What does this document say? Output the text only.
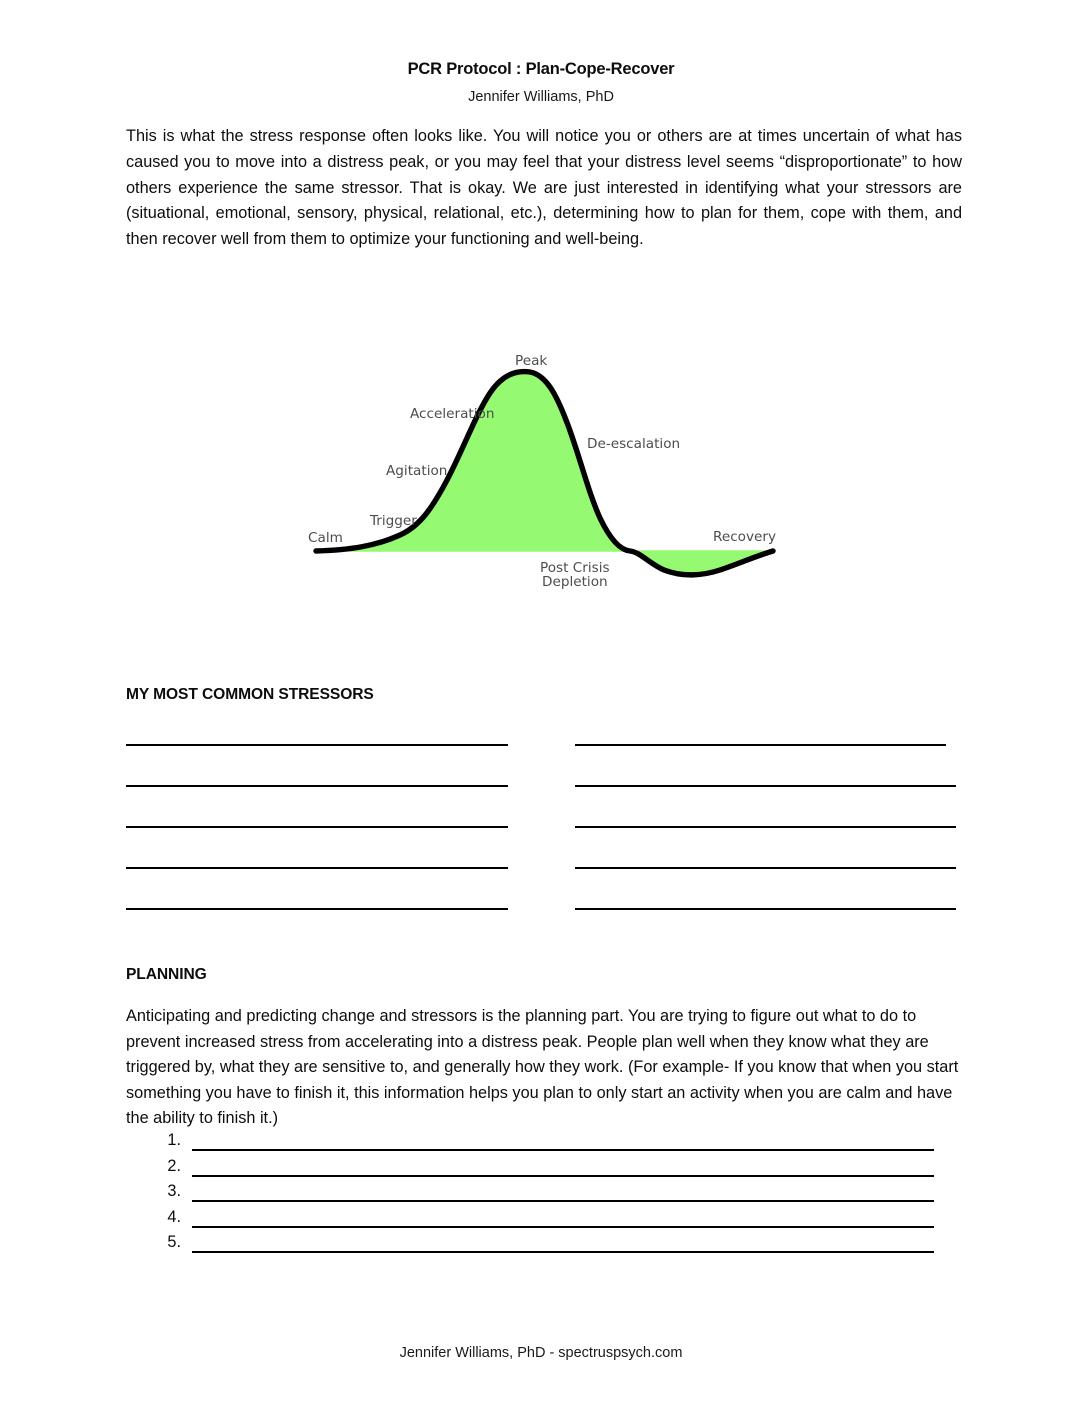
PCR Protocol : Plan-Cope-Recover
Jennifer Williams, PhD
This is what the stress response often looks like. You will notice you or others are at times uncertain of what has caused you to move into a distress peak, or you may feel that your distress level seems “disproportionate” to how others experience the same stressor. That is okay. We are just interested in identifying what your stressors are (situational, emotional, sensory, physical, relational, etc.), determining how to plan for them, cope with them, and then recover well from them to optimize your functioning and well-being.
Calm
Trigger
Agitation
Acceleration
Peak
De-escalation
Post Crisis
Depletion
Recovery
MY MOST COMMON STRESSORS
PLANNING
Anticipating and predicting change and stressors is the planning part. You are trying to figure out what to do to prevent increased stress from accelerating into a distress peak. People plan well when they know what they are triggered by, what they are sensitive to, and generally how they work. (For example- If you know that when you start something you have to finish it, this information helps you plan to only start an activity when you are calm and have the ability to finish it.)
1.
2.
3.
4.
5.
Jennifer Williams, PhD - spectruspsych.com
